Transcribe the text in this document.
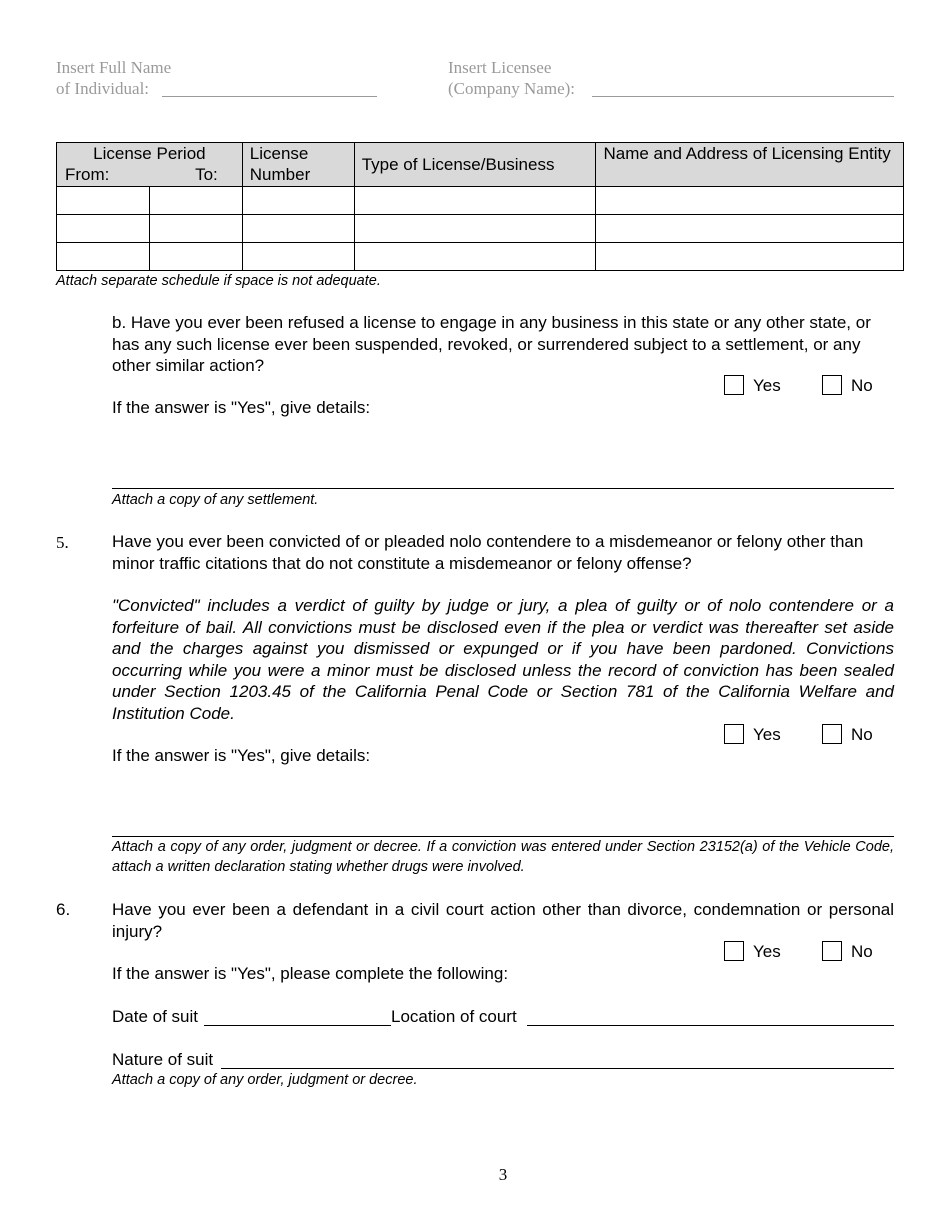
Insert Full Name
of Individual:
Insert Licensee
(Company Name):
License Period
From: To:		License Number	Type of License/Business	Name and Address of Licensing Entity

Attach separate schedule if space is not adequate.
b. Have you ever been refused a license to engage in any business in this state or any other state, or has any such license ever been suspended, revoked, or surrendered subject to a settlement, or any other similar action?
Yes	No
If the answer is "Yes", give details:
Attach a copy of any settlement.
5.	Have you ever been convicted of or pleaded nolo contendere to a misdemeanor or felony other than minor traffic citations that do not constitute a misdemeanor or felony offense?
"Convicted" includes a verdict of guilty by judge or jury, a plea of guilty or of nolo contendere or a forfeiture of bail. All convictions must be disclosed even if the plea or verdict was thereafter set aside and the charges against you dismissed or expunged or if you have been pardoned. Convictions occurring while you were a minor must be disclosed unless the record of conviction has been sealed under Section 1203.45 of the California Penal Code or Section 781 of the California Welfare and Institution Code.
Yes	No
If the answer is "Yes", give details:
Attach a copy of any order, judgment or decree. If a conviction was entered under Section 23152(a) of the Vehicle Code, attach a written declaration stating whether drugs were involved.
6. Have you ever been a defendant in a civil court action other than divorce, condemnation or personal injury?
Yes	No
If the answer is "Yes", please complete the following:
Date of suit	Location of court
Nature of suit
Attach a copy of any order, judgment or decree.
3
